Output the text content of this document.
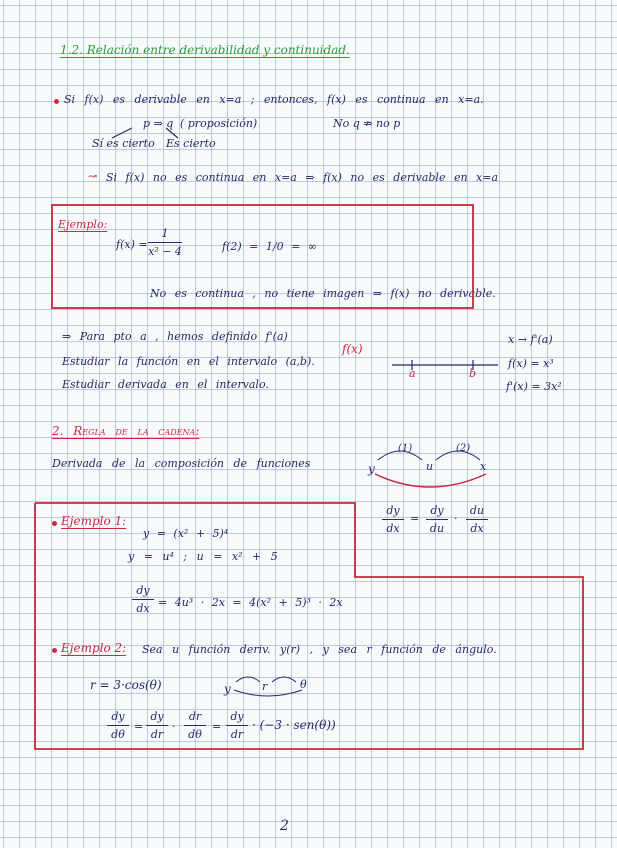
1.2. Relación entre derivabilidad y continuidad.
Si f(x) es derivable en x=a ; entonces, f(x) es continua en x=a.
p ⇒ q ( proposición)	No q ⇏ no p
Sí es cierto Es cierto
↝ Si f(x) no es continua en x=a ⇒ f(x) no es derivable en x=a
Ejemplo:
f(x) =
1
x² − 4	f(2) = 1/0 = ∞
No es continua , no tiene imagen ⇒ f(x) no derivable.
⇒ Para pto a , hemos definido f'(a)
Estudiar la función en el intervalo (a,b).
Estudiar derivada en el intervalo.
f(x)
a	b
x → f'(a)
f(x) = x³
f'(x) = 3x²
2. Regla de la cadena:
Derivada de la composición de funciones	y	u	x
(1)	(2)
dy
dx
=
dy
du
·
du
dx
Ejemplo 1:
y = (x² + 5)⁴
y = u⁴ ; u = x² + 5
dy
dx = 4u³ · 2x = 4(x² + 5)³ · 2x
Ejemplo 2: Sea u función deriv. y(r) , y sea r función de ángulo.
r = 3·cos(θ)	y	r	θ
dy
dθ
=
dy
dr
·
dr
dθ
=
dy
dr
· (−3 · sen(θ))
2
